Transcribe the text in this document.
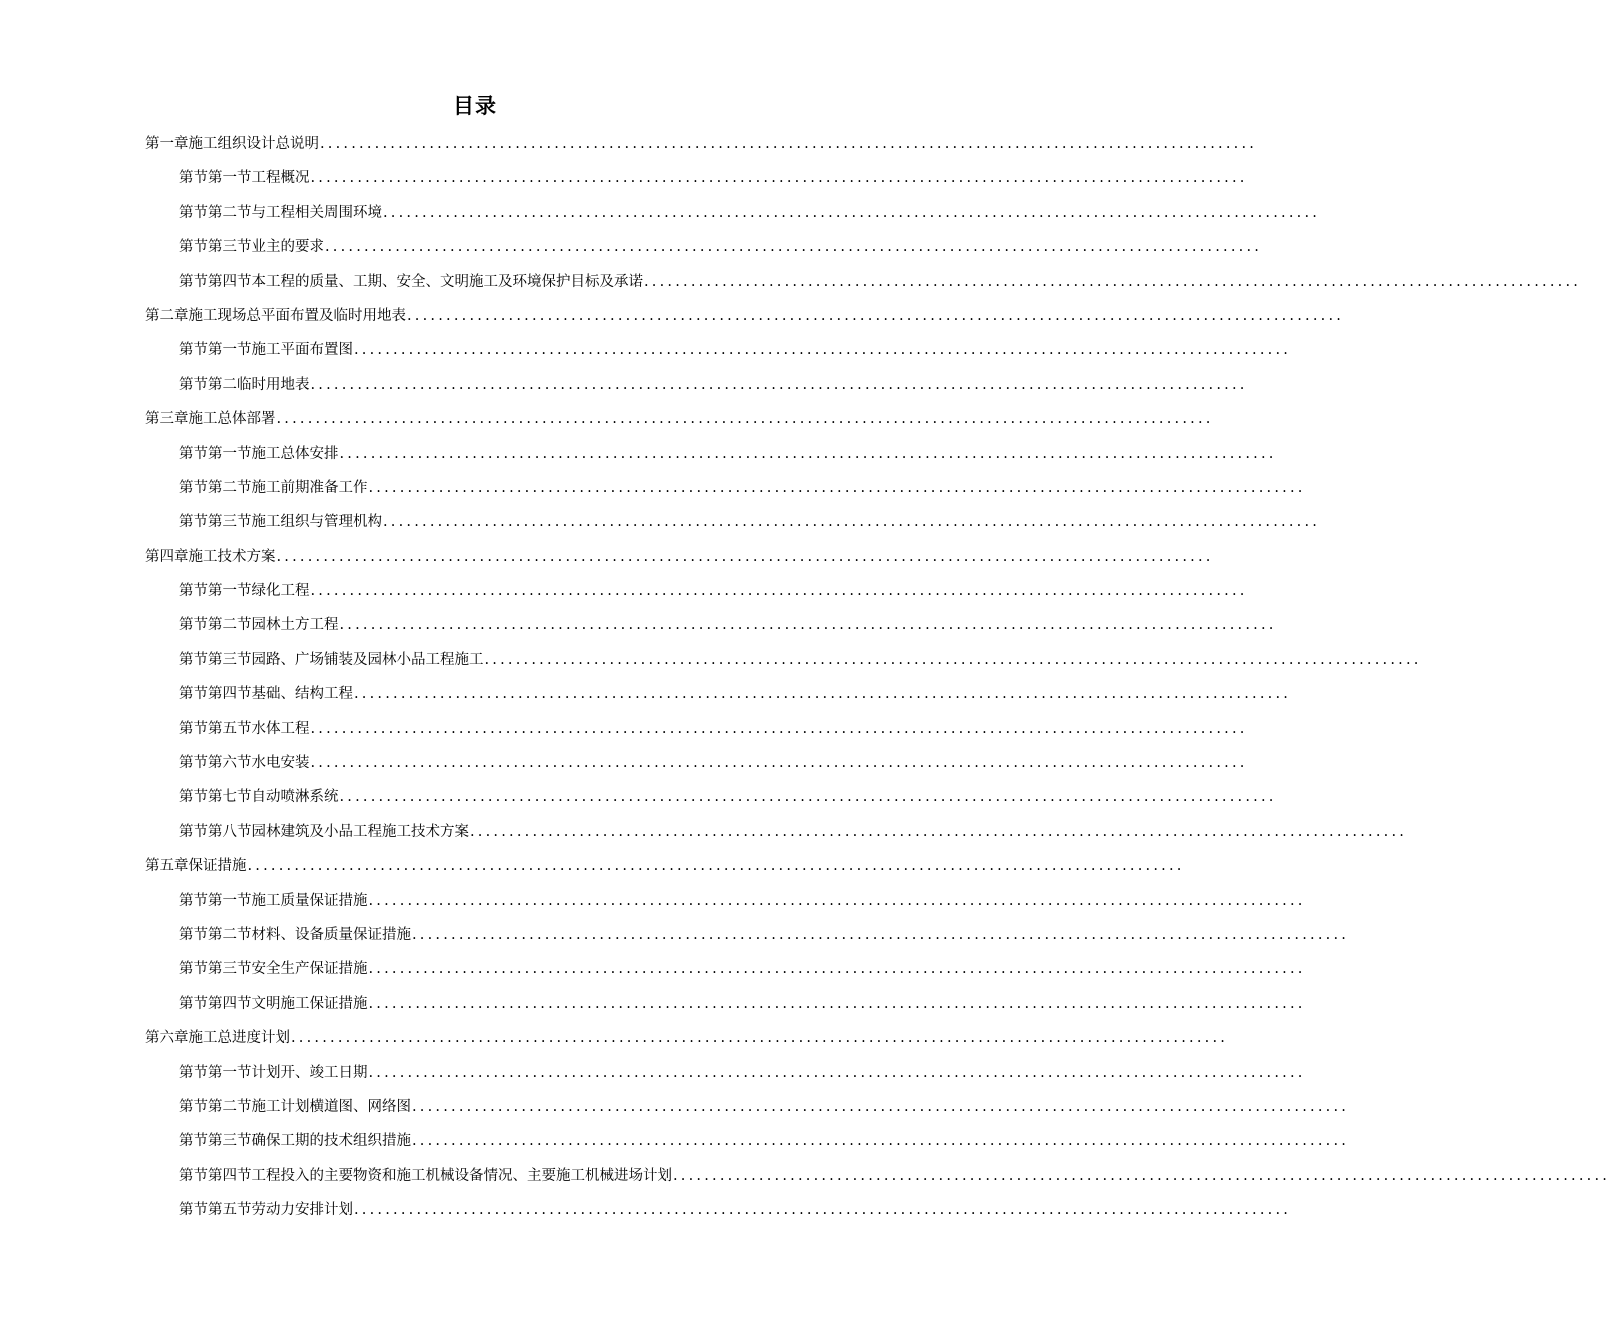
目录
第一章 施工组织设计总说明 ........................................................................................................................
第节 第一节工程概况 ........................................................................................................................
第节 第二节与工程相关周围环境 ........................................................................................................................
第节 第三节业主的要求 ........................................................................................................................
第节 第四节本工程的质量、工期、安全、文明施工及环境保护目标及承诺 ........................................................................................................................
第二章 施工现场总平面布置及临时用地表 ........................................................................................................................
第节 第一节施工平面布置图 ........................................................................................................................
第节 第二临时用地表 ........................................................................................................................
第三章 施工总体部署 ........................................................................................................................
第节 第一节施工总体安排 ........................................................................................................................
第节 第二节施工前期准备工作 ........................................................................................................................
第节 第三节施工组织与管理机构 ........................................................................................................................
第四章 施工技术方案 ........................................................................................................................
第节 第一节绿化工程 ........................................................................................................................
第节 第二节园林土方工程 ........................................................................................................................
第节 第三节园路、广场铺装及园林小品工程施工 ........................................................................................................................
第节 第四节基础、结构工程 ........................................................................................................................
第节 第五节水体工程 ........................................................................................................................
第节 第六节水电安装 ........................................................................................................................
第节 第七节自动喷淋系统 ........................................................................................................................
第节 第八节园林建筑及小品工程施工技术方案 ........................................................................................................................
第五章 保证措施 ........................................................................................................................
第节 第一节施工质量保证措施 ........................................................................................................................
第节 第二节材料、设备质量保证措施 ........................................................................................................................
第节 第三节安全生产保证措施 ........................................................................................................................
第节 第四节文明施工保证措施 ........................................................................................................................
第六章 施工总进度计划 ........................................................................................................................
第节 第一节计划开、竣工日期 ........................................................................................................................
第节 第二节施工计划横道图、网络图 ........................................................................................................................
第节 第三节确保工期的技术组织措施 ........................................................................................................................
第节 第四节工程投入的主要物资和施工机械设备情况、主要施工机械进场计划 ........................................................................................................................
第节 第五节劳动力安排计划 ........................................................................................................................
